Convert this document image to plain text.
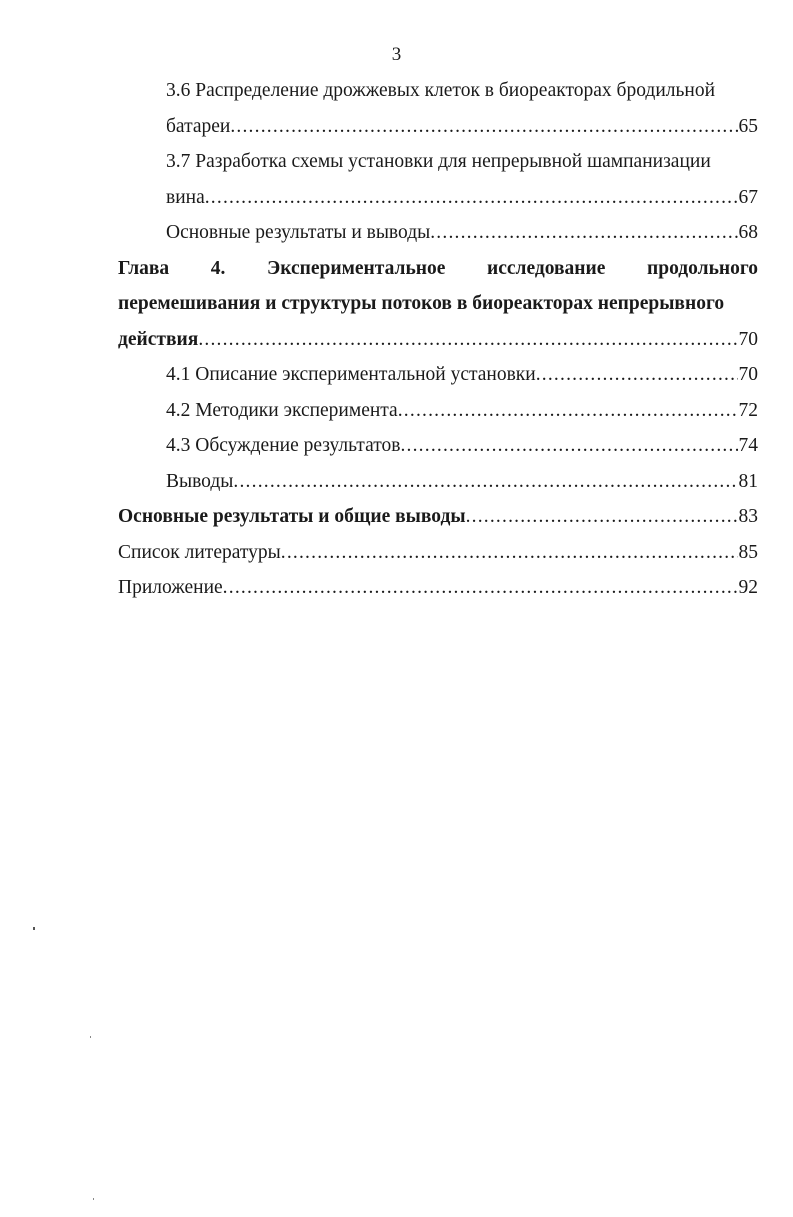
3
3.6 Распределение дрожжевых клеток в биореакторах бродильной
батареи .....	65
3.7 Разработка схемы установки для непрерывной шампанизации
вина .....	67
Основные результаты и выводы .....	68
Глава 4. Экспериментальное исследование продольного
перемешивания и структуры потоков в биореакторах непрерывного
действия .....	70
4.1 Описание экспериментальной установки .....	70
4.2 Методики эксперимента .....	72
4.3 Обсуждение результатов .....	74
Выводы .....	81
Основные результаты и общие выводы .....	83
Список литературы .....	85
Приложение .....	92
